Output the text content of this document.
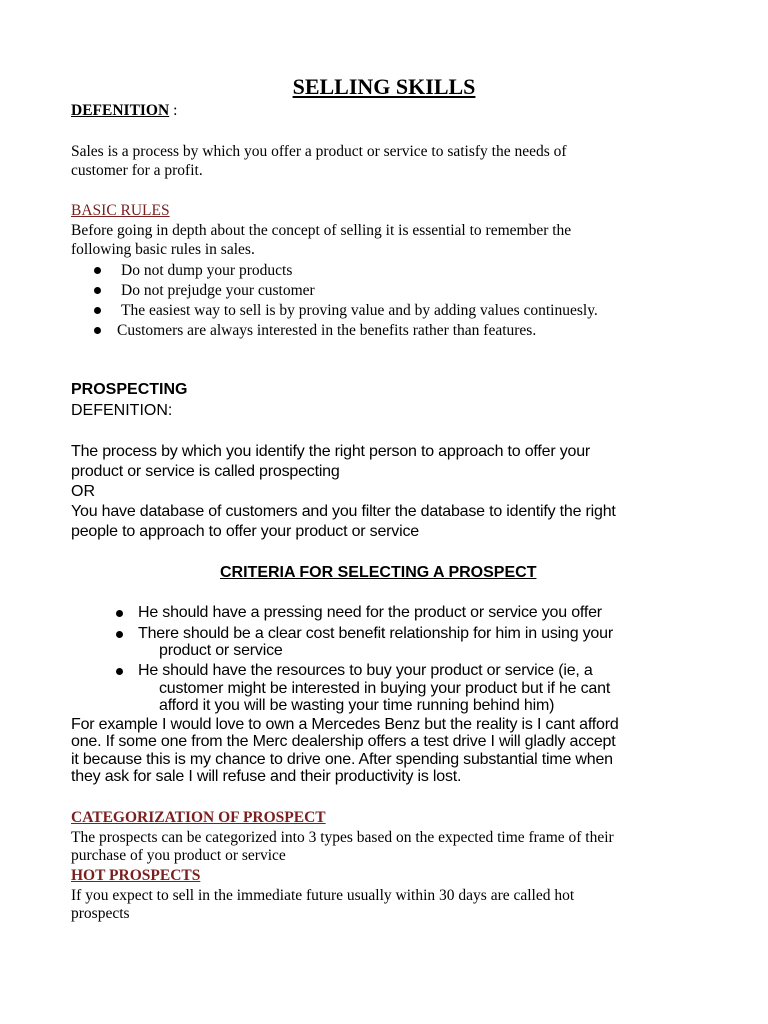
SELLING SKILLS
DEFENITION :
Sales is a process by which you offer a product or service to satisfy the needs of
customer for a profit.
BASIC RULES
Before going in depth about the concept of selling it is essential to remember the
following basic rules in sales.
Do not dump your products
Do not prejudge your customer
The easiest way to sell is by proving value and by adding values continuesly.
Customers are always interested in the benefits rather than features.
PROSPECTING
DEFENITION:
The process by which you identify the right person to approach to offer your
product or service is called prospecting
OR
You have database of customers and you filter the database to identify the right
people to approach to offer your product or service
CRITERIA FOR SELECTING A PROSPECT
He should have a pressing need for the product or service you offer
There should be a clear cost benefit relationship for him in using your
product or service
He should have the resources to buy your product or service (ie, a
customer might be interested in buying your product but if he cant
afford it you will be wasting your time running behind him)
For example I would love to own a Mercedes Benz but the reality is I cant afford
one. If some one from the Merc dealership offers a test drive I will gladly accept
it because this is my chance to drive one. After spending substantial time when
they ask for sale I will refuse and their productivity is lost.
CATEGORIZATION OF PROSPECT
The prospects can be categorized into 3 types based on the expected time frame of their
purchase of you product or service
HOT PROSPECTS
If you expect to sell in the immediate future usually within 30 days are called hot
prospects
